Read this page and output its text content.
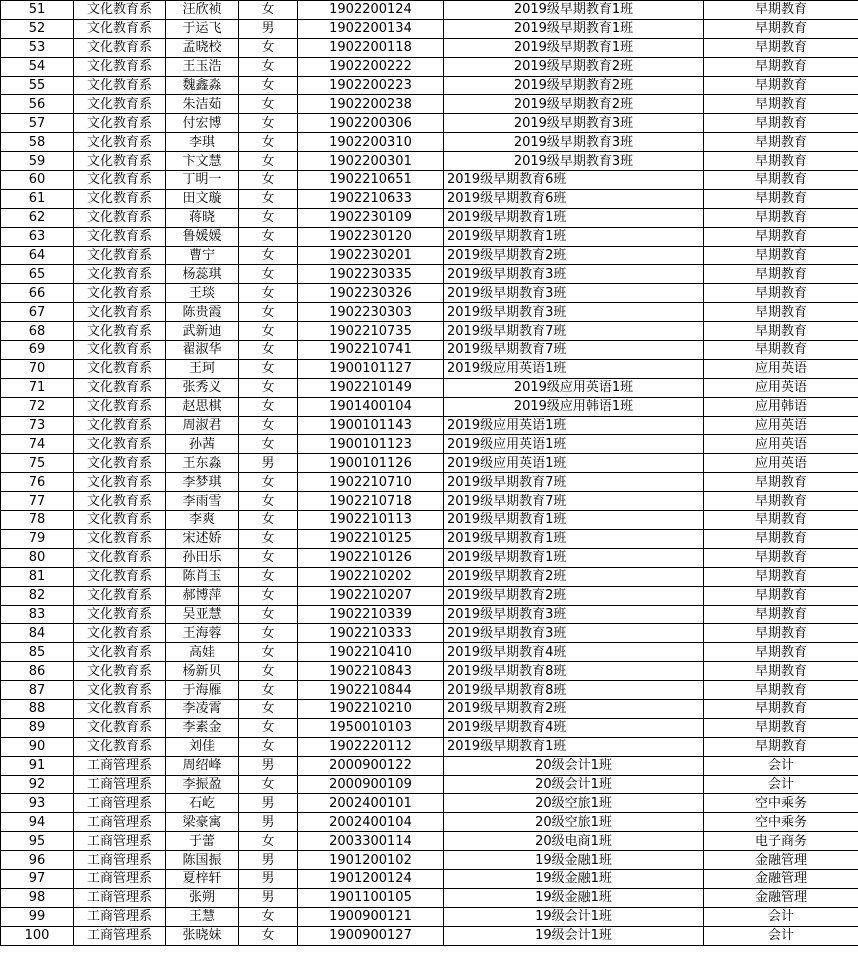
51	文化教育系	汪欣祯	女	1902200124	2019级早期教育1班	早期教育
52	文化教育系	于运飞	男	1902200134	2019级早期教育1班	早期教育
53	文化教育系	孟晓校	女	1902200118	2019级早期教育1班	早期教育
54	文化教育系	王玉浩	女	1902200222	2019级早期教育2班	早期教育
55	文化教育系	魏鑫淼	女	1902200223	2019级早期教育2班	早期教育
56	文化教育系	朱洁茹	女	1902200238	2019级早期教育2班	早期教育
57	文化教育系	付宏博	女	1902200306	2019级早期教育3班	早期教育
58	文化教育系	李琪	女	1902200310	2019级早期教育3班	早期教育
59	文化教育系	卞文慧	女	1902200301	2019级早期教育3班	早期教育
60	文化教育系	丁明一	女	1902210651	2019级早期教育6班	早期教育
61	文化教育系	田文璇	女	1902210633	2019级早期教育6班	早期教育
62	文化教育系	蒋晓	女	1902230109	2019级早期教育1班	早期教育
63	文化教育系	鲁媛媛	女	1902230120	2019级早期教育1班	早期教育
64	文化教育系	曹宁	女	1902230201	2019级早期教育2班	早期教育
65	文化教育系	杨蕊琪	女	1902230335	2019级早期教育3班	早期教育
66	文化教育系	王琰	女	1902230326	2019级早期教育3班	早期教育
67	文化教育系	陈贵霞	女	1902230303	2019级早期教育3班	早期教育
68	文化教育系	武新迪	女	1902210735	2019级早期教育7班	早期教育
69	文化教育系	翟淑华	女	1902210741	2019级早期教育7班	早期教育
70	文化教育系	王珂	女	1900101127	2019级应用英语1班	应用英语
71	文化教育系	张秀义	女	1902210149	2019级应用英语1班	应用英语
72	文化教育系	赵思棋	女	1901400104	2019级应用韩语1班	应用韩语
73	文化教育系	周淑君	女	1900101143	2019级应用英语1班	应用英语
74	文化教育系	孙茜	女	1900101123	2019级应用英语1班	应用英语
75	文化教育系	王东淼	男	1900101126	2019级应用英语1班	应用英语
76	文化教育系	李梦琪	女	1902210710	2019级早期教育7班	早期教育
77	文化教育系	李雨雪	女	1902210718	2019级早期教育7班	早期教育
78	文化教育系	李爽	女	1902210113	2019级早期教育1班	早期教育
79	文化教育系	宋述娇	女	1902210125	2019级早期教育1班	早期教育
80	文化教育系	孙田乐	女	1902210126	2019级早期教育1班	早期教育
81	文化教育系	陈肖玉	女	1902210202	2019级早期教育2班	早期教育
82	文化教育系	郝博萍	女	1902210207	2019级早期教育2班	早期教育
83	文化教育系	吴亚慧	女	1902210339	2019级早期教育3班	早期教育
84	文化教育系	王海蓉	女	1902210333	2019级早期教育3班	早期教育
85	文化教育系	高娃	女	1902210410	2019级早期教育4班	早期教育
86	文化教育系	杨新贝	女	1902210843	2019级早期教育8班	早期教育
87	文化教育系	于海雁	女	1902210844	2019级早期教育8班	早期教育
88	文化教育系	李凌霄	女	1902210210	2019级早期教育2班	早期教育
89	文化教育系	李素金	女	1950010103	2019级早期教育4班	早期教育
90	文化教育系	刘佳	女	1902220112	2019级早期教育1班	早期教育
91	工商管理系	周绍峰	男	2000900122	20级会计1班	会计
92	工商管理系	李振盈	女	2000900109	20级会计1班	会计
93	工商管理系	石屹	男	2002400101	20级空旅1班	空中乘务
94	工商管理系	梁豪寓	男	2002400104	20级空旅1班	空中乘务
95	工商管理系	于蕾	女	2003300114	20级电商1班	电子商务
96	工商管理系	陈国振	男	1901200102	19级金融1班	金融管理
97	工商管理系	夏梓轩	男	1901200124	19级金融1班	金融管理
98	工商管理系	张朔	男	1901100105	19级金融1班	金融管理
99	工商管理系	王慧	女	1900900121	19级会计1班	会计
100	工商管理系	张晓妹	女	1900900127	19级会计1班	会计
